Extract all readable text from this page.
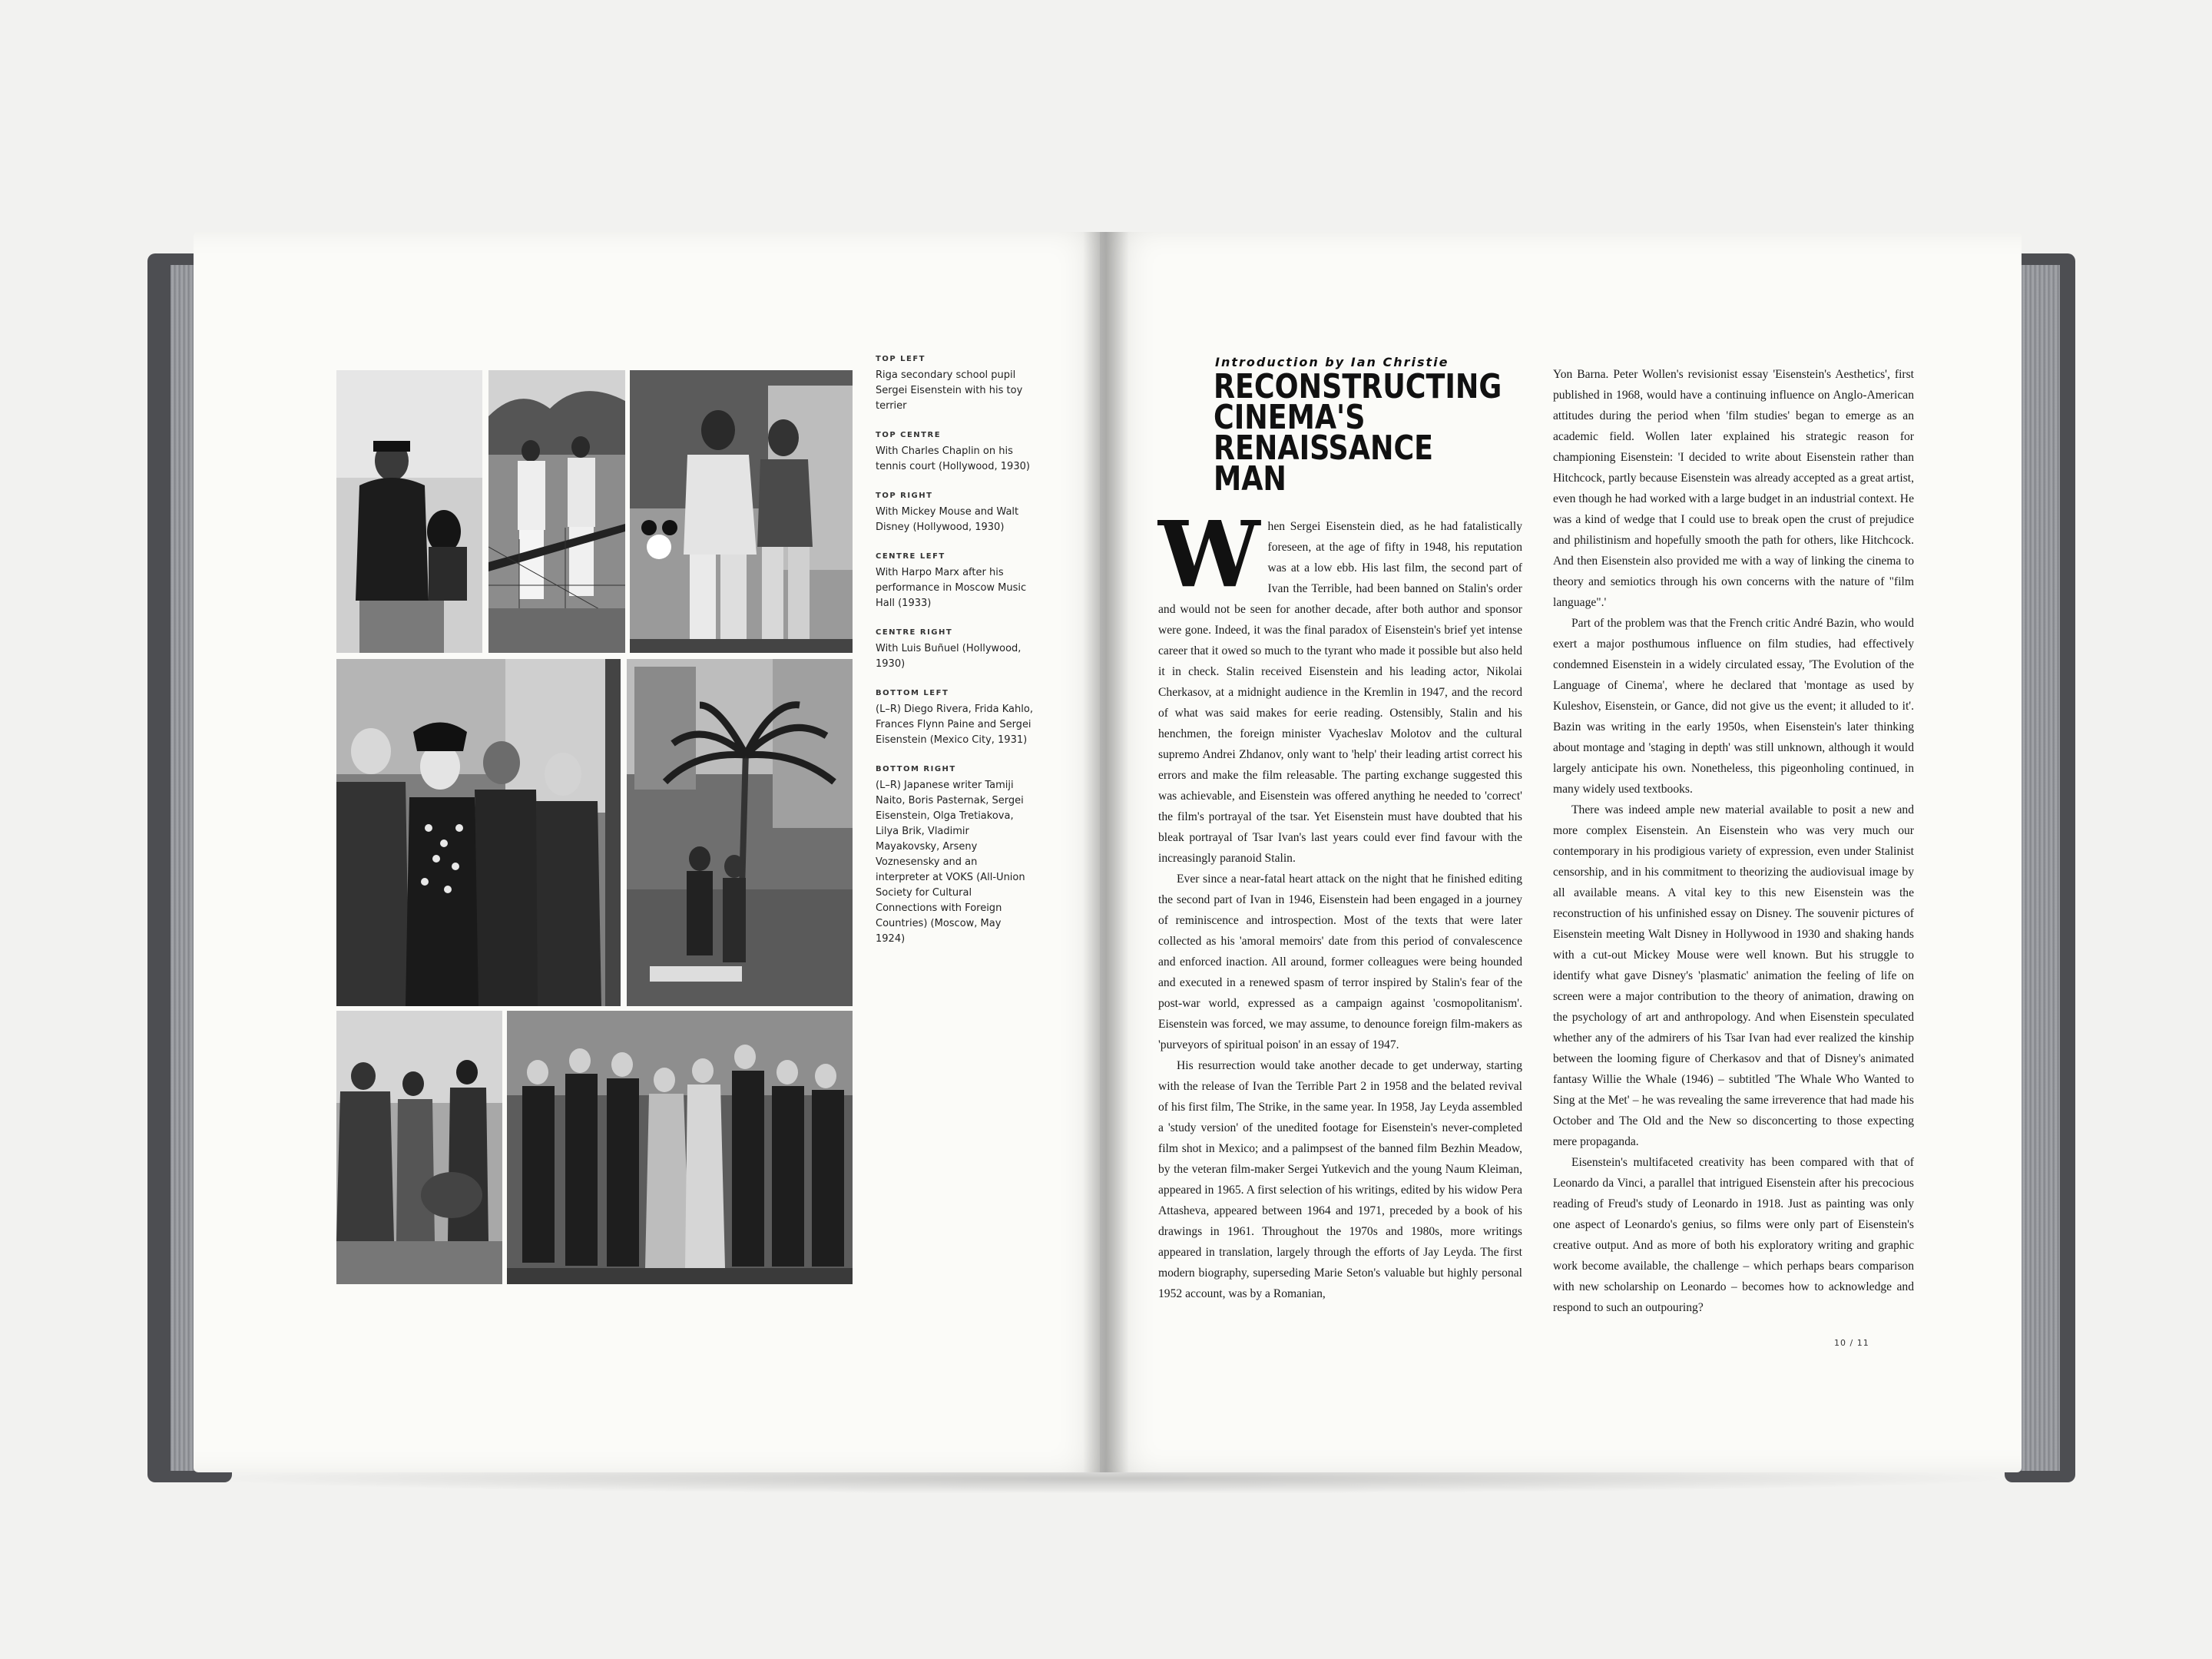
TOP LEFT
Riga secondary school pupil Sergei Eisenstein with his toy terrier
TOP CENTRE
With Charles Chaplin on his tennis court (Hollywood, 1930)
TOP RIGHT
With Mickey Mouse and Walt Disney (Hollywood, 1930)
CENTRE LEFT
With Harpo Marx after his performance in Moscow Music Hall (1933)
CENTRE RIGHT
With Luis Buñuel (Hollywood, 1930)
BOTTOM LEFT
(L–R) Diego Rivera, Frida Kahlo, Frances Flynn Paine and Sergei Eisenstein (Mexico City, 1931)
BOTTOM RIGHT
(L–R) Japanese writer Tamiji Naito, Boris Pasternak, Sergei Eisenstein, Olga Tretiakova, Lilya Brik, Vladimir Mayakovsky, Arseny Voznesensky and an interpreter at VOKS (All-Union Society for Cultural Connections with Foreign Countries) (Moscow, May 1924)
Introduction by Ian Christie
RECONSTRUCTING
CINEMA'S
RENAISSANCE MAN

When Sergei Eisenstein died, as he had fatalistically foreseen, at the age of fifty in 1948, his reputation was at a low ebb. His last film, the second part of Ivan the Terrible, had been banned on Stalin's order and would not be seen for another decade, after both author and sponsor were gone. Indeed, it was the final paradox of Eisenstein's brief yet intense career that it owed so much to the tyrant who made it possible but also held it in check. Stalin received Eisenstein and his leading actor, Nikolai Cherkasov, at a midnight audience in the Kremlin in 1947, and the record of what was said makes for eerie reading. Ostensibly, Stalin and his henchmen, the foreign minister Vyacheslav Molotov and the cultural supremo Andrei Zhdanov, only want to 'help' their leading artist correct his errors and make the film releasable. The parting exchange suggested this was achievable, and Eisenstein was offered anything he needed to 'correct' the film's portrayal of the tsar. Yet Eisenstein must have doubted that his bleak portrayal of Tsar Ivan's last years could ever find favour with the increasingly paranoid Stalin.

Ever since a near-fatal heart attack on the night that he finished editing the second part of Ivan in 1946, Eisenstein had been engaged in a journey of reminiscence and introspection. Most of the texts that were later collected as his 'amoral memoirs' date from this period of convalescence and enforced inaction. All around, former colleagues were being hounded and executed in a renewed spasm of terror inspired by Stalin's fear of the post-war world, expressed as a campaign against 'cosmopolitanism'. Eisenstein was forced, we may assume, to denounce foreign film-makers as 'purveyors of spiritual poison' in an essay of 1947.

His resurrection would take another decade to get underway, starting with the release of Ivan the Terrible Part 2 in 1958 and the belated revival of his first film, The Strike, in the same year. In 1958, Jay Leyda assembled a 'study version' of the unedited footage for Eisenstein's never-completed film shot in Mexico; and a palimpsest of the banned film Bezhin Meadow, by the veteran film-maker Sergei Yutkevich and the young Naum Kleiman, appeared in 1965. A first selection of his writings, edited by his widow Pera Attasheva, appeared between 1964 and 1971, preceded by a book of his drawings in 1961. Throughout the 1970s and 1980s, more writings appeared in translation, largely through the efforts of Jay Leyda. The first modern biography, superseding Marie Seton's valuable but highly personal 1952 account, was by a Romanian,

Yon Barna. Peter Wollen's revisionist essay 'Eisenstein's Aesthetics', first published in 1968, would have a continuing influence on Anglo-American attitudes during the period when 'film studies' began to emerge as an academic field. Wollen later explained his strategic reason for championing Eisenstein: 'I decided to write about Eisenstein rather than Hitchcock, partly because Eisenstein was already accepted as a great artist, even though he had worked with a large budget in an industrial context. He was a kind of wedge that I could use to break open the crust of prejudice and philistinism and hopefully smooth the path for others, like Hitchcock. And then Eisenstein also provided me with a way of linking the cinema to theory and semiotics through his own concerns with the nature of "film language".'

Part of the problem was that the French critic André Bazin, who would exert a major posthumous influence on film studies, had effectively condemned Eisenstein in a widely circulated essay, 'The Evolution of the Language of Cinema', where he declared that 'montage as used by Kuleshov, Eisenstein, or Gance, did not give us the event; it alluded to it'. Bazin was writing in the early 1950s, when Eisenstein's later thinking about montage and 'staging in depth' was still unknown, although it would largely anticipate his own. Nonetheless, this pigeonholing continued, in many widely used textbooks.

There was indeed ample new material available to posit a new and more complex Eisenstein. An Eisenstein who was very much our contemporary in his prodigious variety of expression, even under Stalinist censorship, and in his commitment to theorizing the audiovisual image by all available means. A vital key to this new Eisenstein was the reconstruction of his unfinished essay on Disney. The souvenir pictures of Eisenstein meeting Walt Disney in Hollywood in 1930 and shaking hands with a cut-out Mickey Mouse were well known. But his struggle to identify what gave Disney's 'plasmatic' animation the feeling of life on screen were a major contribution to the theory of animation, drawing on the psychology of art and anthropology. And when Eisenstein speculated whether any of the admirers of his Tsar Ivan had ever realized the kinship between the looming figure of Cherkasov and that of Disney's animated fantasy Willie the Whale (1946) – subtitled 'The Whale Who Wanted to Sing at the Met' – he was revealing the same irreverence that had made his October and The Old and the New so disconcerting to those expecting mere propaganda.

Eisenstein's multifaceted creativity has been compared with that of Leonardo da Vinci, a parallel that intrigued Eisenstein after his precocious reading of Freud's study of Leonardo in 1918. Just as painting was only one aspect of Leonardo's genius, so films were only part of Eisenstein's creative output. And as more of both his exploratory writing and graphic work become available, the challenge – which perhaps bears comparison with new scholarship on Leonardo – becomes how to acknowledge and respond to such an outpouring?

10 / 11
